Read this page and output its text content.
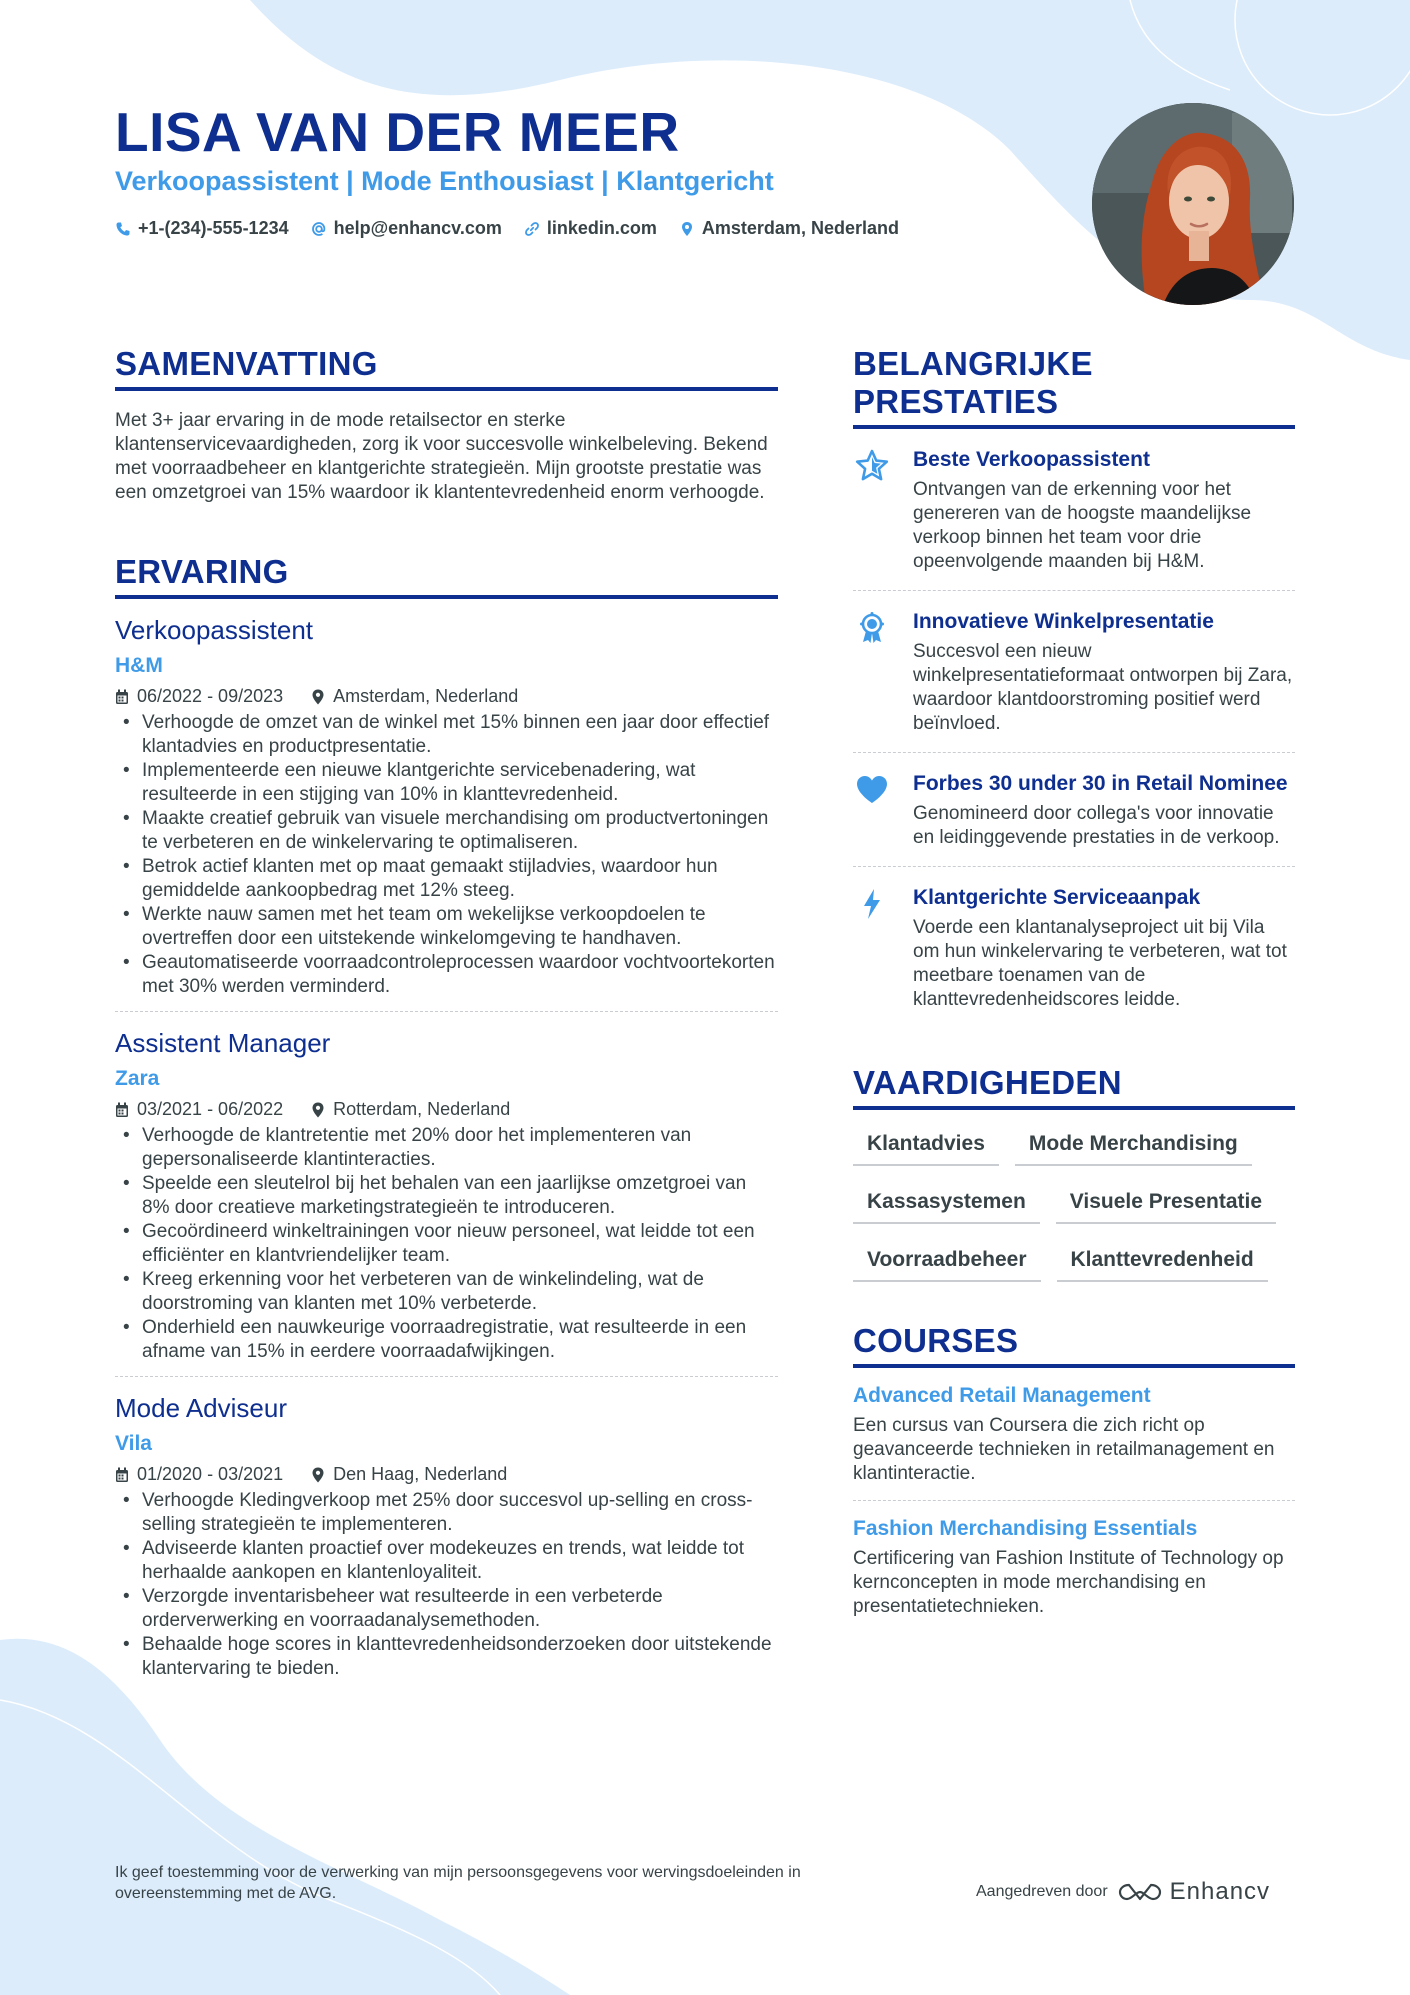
LISA VAN DER MEER
Verkoopassistent | Mode Enthousiast | Klantgericht
+1-(234)-555-1234	help@enhancv.com	linkedin.com	Amsterdam, Nederland
SAMENVATTING
Met 3+ jaar ervaring in de mode retailsector en sterke klantenservicevaardigheden, zorg ik voor succesvolle winkelbeleving. Bekend met voorraadbeheer en klantgerichte strategieën. Mijn grootste prestatie was een omzetgroei van 15% waardoor ik klantentevredenheid enorm verhoogde.
ERVARING
Verkoopassistent
H&M
06/2022 - 09/2023	Amsterdam, Nederland
• Verhoogde de omzet van de winkel met 15% binnen een jaar door effectief klantadvies en productpresentatie.
• Implementeerde een nieuwe klantgerichte servicebenadering, wat resulteerde in een stijging van 10% in klanttevredenheid.
• Maakte creatief gebruik van visuele merchandising om productvertoningen te verbeteren en de winkelervaring te optimaliseren.
• Betrok actief klanten met op maat gemaakt stijladvies, waardoor hun gemiddelde aankoopbedrag met 12% steeg.
• Werkte nauw samen met het team om wekelijkse verkoopdoelen te overtreffen door een uitstekende winkelomgeving te handhaven.
• Geautomatiseerde voorraadcontroleprocessen waardoor vochtvoortekorten met 30% werden verminderd.
Assistent Manager
Zara
03/2021 - 06/2022	Rotterdam, Nederland
• Verhoogde de klantretentie met 20% door het implementeren van gepersonaliseerde klantinteracties.
• Speelde een sleutelrol bij het behalen van een jaarlijkse omzetgroei van 8% door creatieve marketingstrategieën te introduceren.
• Gecoördineerd winkeltrainingen voor nieuw personeel, wat leidde tot een efficiënter en klantvriendelijker team.
• Kreeg erkenning voor het verbeteren van de winkelindeling, wat de doorstroming van klanten met 10% verbeterde.
• Onderhield een nauwkeurige voorraadregistratie, wat resulteerde in een afname van 15% in eerdere voorraadafwijkingen.
Mode Adviseur
Vila
01/2020 - 03/2021	Den Haag, Nederland
• Verhoogde Kledingverkoop met 25% door succesvol up-selling en cross-selling strategieën te implementeren.
• Adviseerde klanten proactief over modekeuzes en trends, wat leidde tot herhaalde aankopen en klantenloyaliteit.
• Verzorgde inventarisbeheer wat resulteerde in een verbeterde orderverwerking en voorraadanalysemethoden.
• Behaalde hoge scores in klanttevredenheidsonderzoeken door uitstekende klantervaring te bieden.
BELANGRIJKE PRESTATIES
Beste Verkoopassistent
Ontvangen van de erkenning voor het genereren van de hoogste maandelijkse verkoop binnen het team voor drie opeenvolgende maanden bij H&M.
Innovatieve Winkelpresentatie
Succesvol een nieuw winkelpresentatieformaat ontworpen bij Zara, waardoor klantdoorstroming positief werd beïnvloed.
Forbes 30 under 30 in Retail Nominee
Genomineerd door collega's voor innovatie en leidinggevende prestaties in de verkoop.
Klantgerichte Serviceaanpak
Voerde een klantanalyseproject uit bij Vila om hun winkelervaring te verbeteren, wat tot meetbare toenamen van de klanttevredenheidscores leidde.
VAARDIGHEDEN
Klantadvies	Mode Merchandising
Kassasystemen	Visuele Presentatie
Voorraadbeheer	Klanttevredenheid
COURSES
Advanced Retail Management
Een cursus van Coursera die zich richt op geavanceerde technieken in retailmanagement en klantinteractie.
Fashion Merchandising Essentials
Certificering van Fashion Institute of Technology op kernconcepten in mode merchandising en presentatietechnieken.
Ik geef toestemming voor de verwerking van mijn persoonsgegevens voor wervingsdoeleinden in overeenstemming met de AVG.	Aangedreven door	Enhancv
